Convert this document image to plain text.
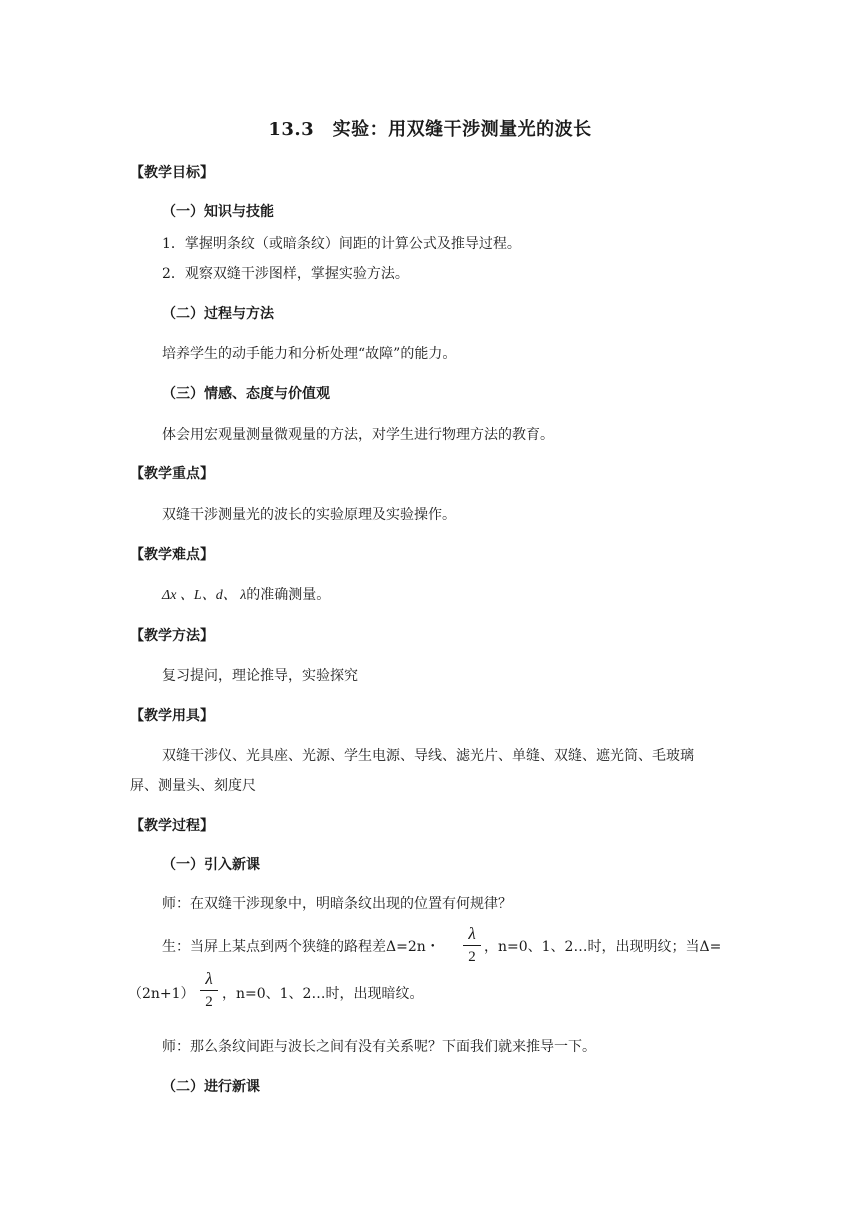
13.3　实验：用双缝干涉测量光的波长
【教学目标】
（一）知识与技能
1．掌握明条纹（或暗条纹）间距的计算公式及推导过程。
2．观察双缝干涉图样，掌握实验方法。
（二）过程与方法
培养学生的动手能力和分析处理“故障”的能力。
（三）情感、态度与价值观
体会用宏观量测量微观量的方法，对学生进行物理方法的教育。
【教学重点】
双缝干涉测量光的波长的实验原理及实验操作。
【教学难点】
Δx 、L、d、 λ的准确测量。
【教学方法】
复习提问，理论推导，实验探究
【教学用具】
双缝干涉仪、光具座、光源、学生电源、导线、滤光片、单缝、双缝、遮光筒、毛玻璃
屏、测量头、刻度尺
【教学过程】
（一）引入新课
师：在双缝干涉现象中，明暗条纹出现的位置有何规律？
生：当屏上某点到两个狭缝的路程差Δ=2n・
λ
2
，n=0、1、2…时，出现明纹；当Δ=
（2n+1）
λ
2 ，n=0、1、2…时，出现暗纹。
师：那么条纹间距与波长之间有没有关系呢？下面我们就来推导一下。
（二）进行新课
